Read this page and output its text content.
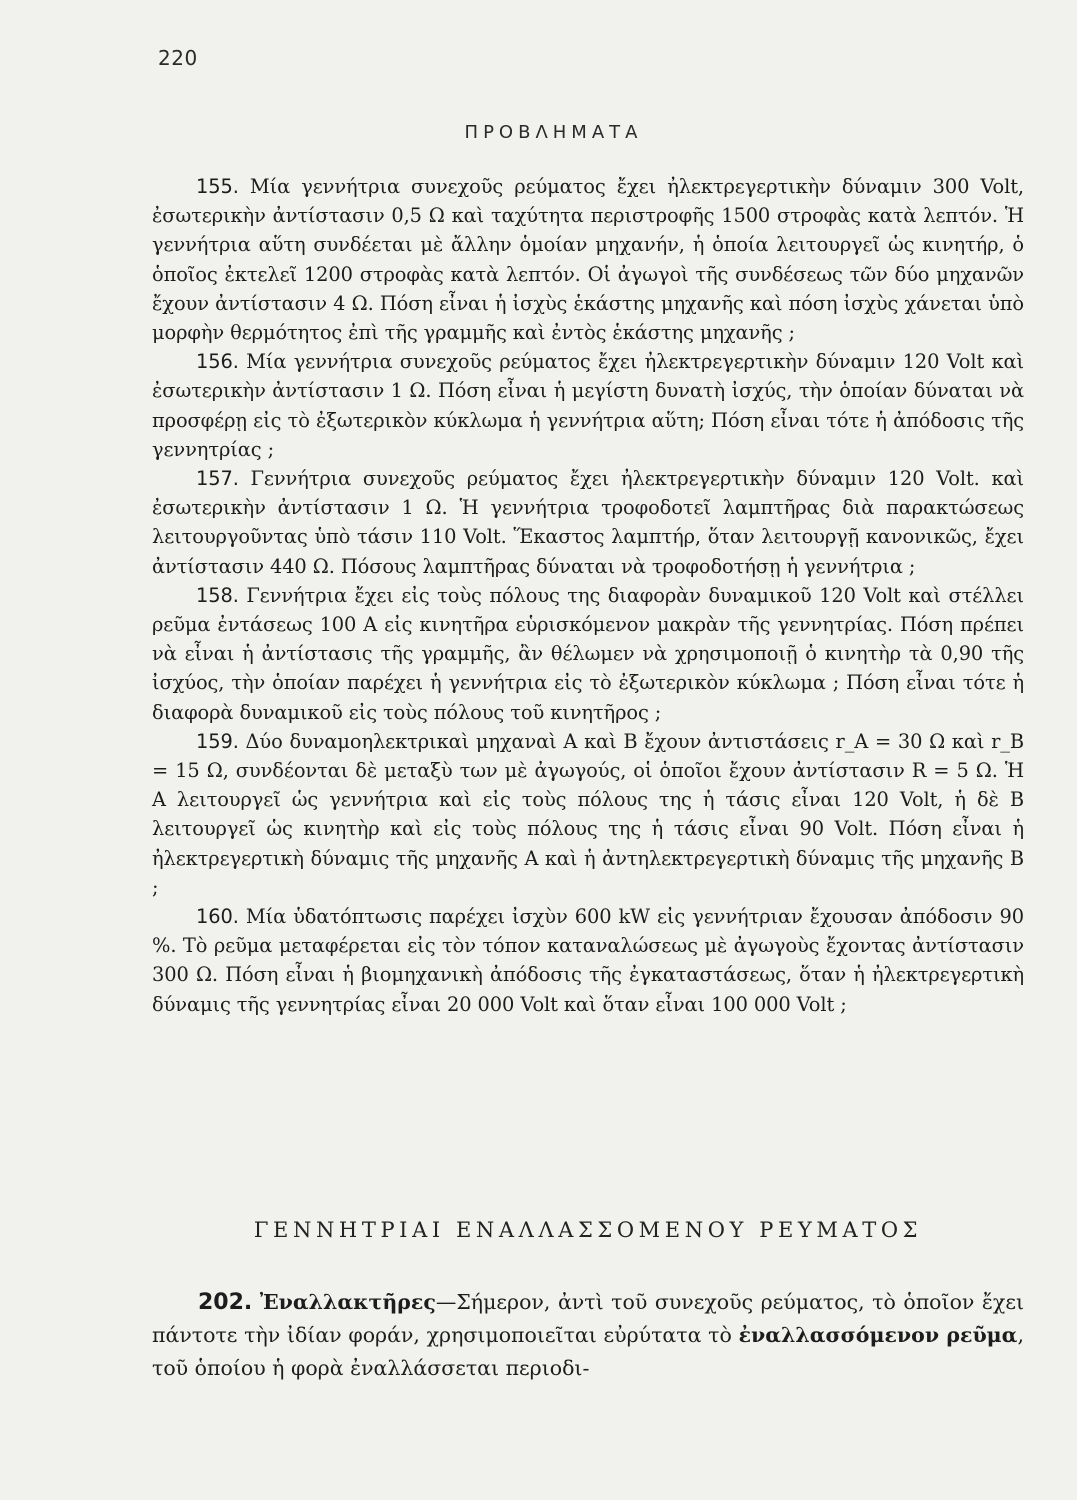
220
ΠΡΟΒΛΗΜΑΤΑ

155. Μία γεννήτρια συνεχοῦς ρεύματος ἔχει ἠλεκτρεγερτικὴν δύναμιν 300 Volt, ἐσωτερικὴν ἀντίστασιν 0,5 Ω καὶ ταχύτητα περιστροφῆς 1500 στροφὰς κατὰ λεπτόν. Ἡ γεννήτρια αὕτη συνδέεται μὲ ἄλλην ὁμοίαν μηχανήν, ἡ ὁποία λειτουργεῖ ὡς κινητήρ, ὁ ὁποῖος ἐκτελεῖ 1200 στροφὰς κατὰ λεπτόν. Οἱ ἀγωγοὶ τῆς συνδέσεως τῶν δύο μηχανῶν ἔχουν ἀντίστασιν 4 Ω. Πόση εἶναι ἡ ἰσχὺς ἑκάστης μηχανῆς καὶ πόση ἰσχὺς χάνεται ὑπὸ μορφὴν θερμότητος ἐπὶ τῆς γραμμῆς καὶ ἐντὸς ἑκάστης μηχανῆς ;

156. Μία γεννήτρια συνεχοῦς ρεύματος ἔχει ἠλεκτρεγερτικὴν δύναμιν 120 Volt καὶ ἐσωτερικὴν ἀντίστασιν 1 Ω. Πόση εἶναι ἡ μεγίστη δυνατὴ ἰσχύς, τὴν ὁποίαν δύναται νὰ προσφέρῃ εἰς τὸ ἐξωτερικὸν κύκλωμα ἡ γεννήτρια αὕτη; Πόση εἶναι τότε ἡ ἀπόδοσις τῆς γεννητρίας ;

157. Γεννήτρια συνεχοῦς ρεύματος ἔχει ἠλεκτρεγερτικὴν δύναμιν 120 Volt. καὶ ἐσωτερικὴν ἀντίστασιν 1 Ω. Ἡ γεννήτρια τροφοδοτεῖ λαμπτῆρας διὰ παρακτώσεως λειτουργοῦντας ὑπὸ τάσιν 110 Volt. Ἕκαστος λαμπτήρ, ὅταν λειτουργῇ κανονικῶς, ἔχει ἀντίστασιν 440 Ω. Πόσους λαμπτῆρας δύναται νὰ τροφοδοτήσῃ ἡ γεννήτρια ;

158. Γεννήτρια ἔχει εἰς τοὺς πόλους της διαφορὰν δυναμικοῦ 120 Volt καὶ στέλλει ρεῦμα ἐντάσεως 100 A εἰς κινητῆρα εὑρισκόμενον μακρὰν τῆς γεννητρίας. Πόση πρέπει νὰ εἶναι ἡ ἀντίστασις τῆς γραμμῆς, ἂν θέλωμεν νὰ χρησιμοποιῇ ὁ κινητὴρ τὰ 0,90 τῆς ἰσχύος, τὴν ὁποίαν παρέχει ἡ γεννήτρια εἰς τὸ ἐξωτερικὸν κύκλωμα ; Πόση εἶναι τότε ἡ διαφορὰ δυναμικοῦ εἰς τοὺς πόλους τοῦ κινητῆρος ;

159. Δύο δυναμοηλεκτρικαὶ μηχαναὶ A καὶ B ἔχουν ἀντιστάσεις r_A = 30 Ω καὶ r_B = 15 Ω, συνδέονται δὲ μεταξὺ των μὲ ἀγωγούς, οἱ ὁποῖοι ἔχουν ἀντίστασιν R = 5 Ω. Ἡ A λειτουργεῖ ὡς γεννήτρια καὶ εἰς τοὺς πόλους της ἡ τάσις εἶναι 120 Volt, ἡ δὲ B λειτουργεῖ ὡς κινητὴρ καὶ εἰς τοὺς πόλους της ἡ τάσις εἶναι 90 Volt. Πόση εἶναι ἡ ἠλεκτρεγερτικὴ δύναμις τῆς μηχανῆς A καὶ ἡ ἀντηλεκτρεγερτικὴ δύναμις τῆς μηχανῆς B ;

160. Μία ὑδατόπτωσις παρέχει ἰσχὺν 600 kW εἰς γεννήτριαν ἔχουσαν ἀπόδοσιν 90 %. Τὸ ρεῦμα μεταφέρεται εἰς τὸν τόπον καταναλώσεως μὲ ἀγωγοὺς ἔχοντας ἀντίστασιν 300 Ω. Πόση εἶναι ἡ βιομηχανικὴ ἀπόδοσις τῆς ἐγκαταστάσεως, ὅταν ἡ ἠλεκτρεγερτικὴ δύναμις τῆς γεννητρίας εἶναι 20 000 Volt καὶ ὅταν εἶναι 100 000 Volt ;

ΓΕΝΝΗΤΡΙΑΙ ΕΝΑΛΛΑΣΣΟΜΕΝΟΥ ΡΕΥΜΑΤΟΣ

202. Ἐναλλακτῆρες—Σήμερον, ἀντὶ τοῦ συνεχοῦς ρεύματος, τὸ ὁποῖον ἔχει πάντοτε τὴν ἰδίαν φοράν, χρησιμοποιεῖται εὐρύτατα τὸ ἐναλλασσόμενον ρεῦμα, τοῦ ὁποίου ἡ φορὰ ἐναλλάσσεται περιοδι-
